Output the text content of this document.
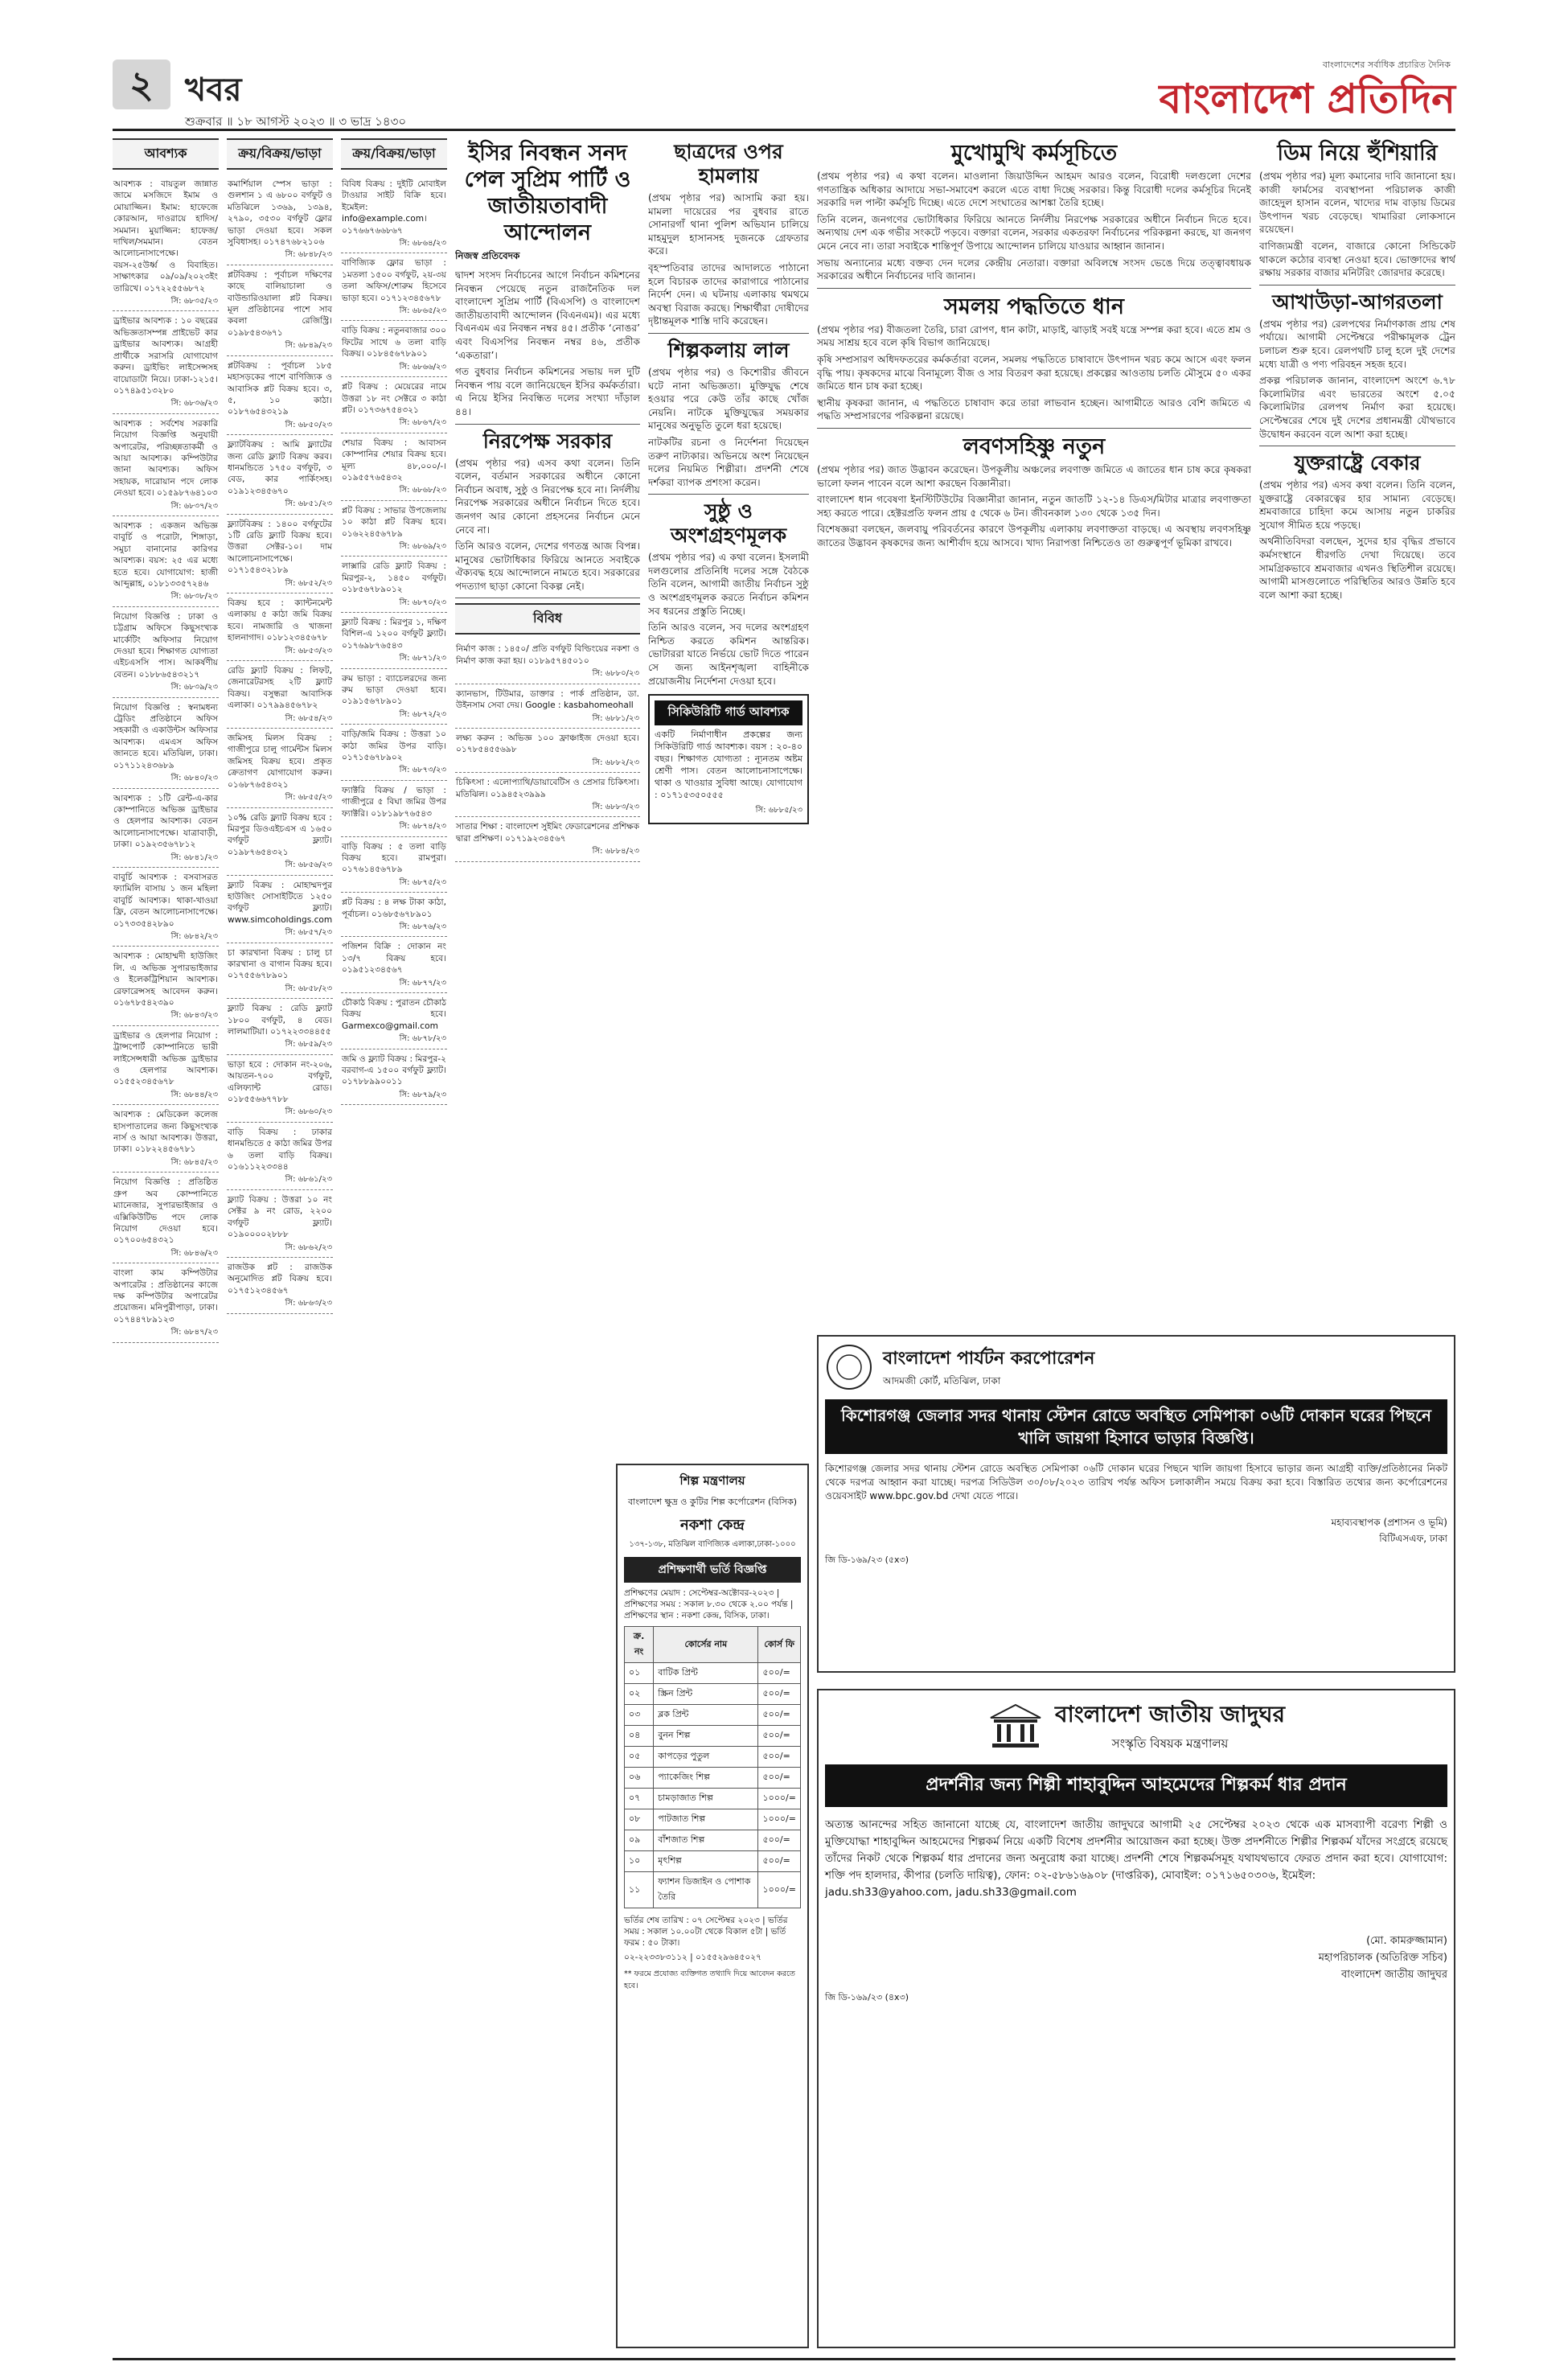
২ খবর
শুক্রবার ॥ ১৮ আগস্ট ২০২৩ ॥ ৩ ভাদ্র ১৪৩০
বাংলাদেশের সর্বাধিক প্রচারিত দৈনিক
বাংলাদেশ প্রতিদিন
আবশ্যক
আবশ্যক : বায়তুল জান্নাত জামে মসজিদে ইমাম ও মোয়াজ্জিন। ইমাম: হাফেজে কোরআন, দাওরায়ে হাদিস/সমমান। মুয়াজ্জিন: হাফেজ/দাখিল/সমমান। বেতন আলোচনাসাপেক্ষে। বয়স-২৫উর্ধ্ব ও বিবাহিত। সাক্ষাৎকার ০৯/০৯/২০২৩ইং তারিখে। ০১৭২২৫৫৬৮৭২
সি: ৬৮৩৫/২৩
ড্রাইভার আবশ্যক : ১০ বছরের অভিজ্ঞতাসম্পন্ন প্রাইভেট কার ড্রাইভার আবশ্যক। আগ্রহী প্রার্থীকে সরাসরি যোগাযোগ করুন। ড্রাইভিং লাইসেন্সসহ বায়োডাটা নিয়ে। ঢাকা-১২১৫। ০১৭৪৯৫১৩২৮০
সি: ৬৮৩৬/২৩
আবশ্যক : সর্বশেষ সরকারি নিয়োগ বিজ্ঞপ্তি অনুযায়ী অপারেটর, পরিচ্ছন্নতাকর্মী ও আয়া আবশ্যক। কম্পিউটার জানা আবশ্যক। অফিস সহায়ক, দারোয়ান পদে লোক নেওয়া হবে। ০১৫৯৮৭৬৪১০৩
সি: ৬৮৩৭/২৩
আবশ্যক : একজন অভিজ্ঞ বাবুর্চি ও পরোটা, শিঙ্গাড়া, সমুচা বানানোর কারিগর আবশ্যক। বয়স: ২৫ এর মধ্যে হতে হবে। যোগাযোগ: হাজী আব্দুল্লাহ, ০১৮১৩৩৫৭২৪৬
সি: ৬৮৩৮/২৩
নিয়োগ বিজ্ঞপ্তি : ঢাকা ও চট্টগ্রাম অফিসে কিছুসংখ্যক মার্কেটিং অফিসার নিয়োগ দেওয়া হবে। শিক্ষাগত যোগ্যতা এইচএসসি পাস। আকর্ষণীয় বেতন। ০১৮৮৬৫৪৩২১৭
সি: ৬৮৩৯/২৩
নিয়োগ বিজ্ঞপ্তি : স্বনামধন্য ট্রেডিং প্রতিষ্ঠানে অফিস সহকারী ও একাউন্টস অফিসার আবশ্যক। এমএস অফিস জানতে হবে। মতিঝিল, ঢাকা। ০১৭১১২৪৩৬৮৯
সি: ৬৮৪০/২৩
আবশ্যক : ১টি রেন্ট-এ-কার কোম্পানিতে অভিজ্ঞ ড্রাইভার ও হেলপার আবশ্যক। বেতন আলোচনাসাপেক্ষে। যাত্রাবাড়ী, ঢাকা। ০১৯২৩৫৬৭৮১২
সি: ৬৮৪১/২৩
বাবুর্চি আবশ্যক : বসবাসরত ফ্যামিলি বাসায় ১ জন মহিলা বাবুর্চি আবশ্যক। থাকা-খাওয়া ফ্রি, বেতন আলোচনাসাপেক্ষে। ০১৭৩৩৫৪২৮৯০
সি: ৬৮৪২/২৩
আবশ্যক : মোহাম্মদী হাউজিং লি. এ অভিজ্ঞ সুপারভাইজার ও ইলেকট্রিশিয়ান আবশ্যক। রেফারেন্সসহ আবেদন করুন। ০১৬৭৮৫৪২৩৯০
সি: ৬৮৪৩/২৩
ড্রাইভার ও হেলপার নিয়োগ : ট্রান্সপোর্ট কোম্পানিতে ভারী লাইসেন্সধারী অভিজ্ঞ ড্রাইভার ও হেলপার আবশ্যক। ০১৫৫২৩৪৫৬৭৮
সি: ৬৮৪৪/২৩
আবশ্যক : মেডিকেল কলেজ হাসপাতালের জন্য কিছুসংখ্যক নার্স ও আয়া আবশ্যক। উত্তরা, ঢাকা। ০১৮২২৪৫৬৭৮১
সি: ৬৮৪৫/২৩
নিয়োগ বিজ্ঞপ্তি : প্রতিষ্ঠিত গ্রুপ অব কোম্পানিতে ম্যানেজার, সুপারভাইজার ও এক্সিকিউটিভ পদে লোক নিয়োগ দেওয়া হবে। ০১৭০০৬৫৪৩২১
সি: ৬৮৪৬/২৩
বাংলা কাম কম্পিউটার অপারেটর : প্রতিষ্ঠানের কাজে দক্ষ কম্পিউটার অপারেটর প্রয়োজন। মনিপুরীপাড়া, ঢাকা। ০১৭৪৪৭৮৯১২৩
সি: ৬৮৪৭/২৩
ক্রয়/বিক্রয়/ভাড়া
কমার্শিয়াল স্পেস ভাড়া : গুলশান ১ এ ৬৮০০ বর্গফুট ও মতিঝিলে ১৩৬৯, ১৩৯৪, ২৭৯০, ৩৫৩০ বর্গফুট ফ্লোর ভাড়া দেওয়া হবে। সকল সুবিধাসহ। ০১৭৪৭৬৮২১০৬
সি: ৬৮৪৮/২৩
প্লটবিক্রয় : পূর্বাচল দক্ষিণের কাছে বালিয়াচালা ও বাউন্ডারিওয়ালা প্লট বিক্রয়। মূল প্রতিষ্ঠানের পাশে সাব কবলা রেজিস্ট্রি। ০১৯৮৫৪৩৬৭১
সি: ৬৮৪৯/২৩
প্লটবিক্রয় : পূর্বাচল ১৮৫ মহাসড়কের পাশে বাণিজ্যিক ও আবাসিক প্লট বিক্রয় হবে। ৩, ৫, ১০ কাঠা। ০১৮৭৬৫৪৩২১৯
সি: ৬৮৫০/২৩
ফ্ল্যাটবিক্রয় : আমি ফ্ল্যাটের জন্য রেডি ফ্ল্যাট বিক্রয় করব। ধানমন্ডিতে ১৭৫০ বর্গফুট, ৩ বেড, কার পার্কিংসহ। ০১৯১২৩৪৫৬৭০
সি: ৬৮৫১/২৩
ফ্ল্যাটবিক্রয় : ১৪০০ বর্গফুটের ১টি রেডি ফ্ল্যাট বিক্রয় হবে। উত্তরা সেক্টর-১০। দাম আলোচনাসাপেক্ষে। ০১৭১৫৪৩২১৮৯
সি: ৬৮৫২/২৩
বিক্রয় হবে : ক্যান্টনমেন্ট এলাকায় ৫ কাঠা জমি বিক্রয় হবে। নামজারি ও খাজনা হালনাগাদ। ০১৮১২৩৪৫৬৭৮
সি: ৬৮৫৩/২৩
রেডি ফ্ল্যাট বিক্রয় : লিফট, জেনারেটরসহ ২টি ফ্ল্যাট বিক্রয়। বসুন্ধরা আবাসিক এলাকা। ০১৭৯৯৪৫৬৭৮২
সি: ৬৮৫৪/২৩
জমিসহ মিলস বিক্রয় : গাজীপুরে চালু গার্মেন্টস মিলস জমিসহ বিক্রয় হবে। প্রকৃত ক্রেতাগণ যোগাযোগ করুন। ০১৬৮৭৬৫৪৩২১
সি: ৬৮৫৫/২৩
১০% রেডি ফ্ল্যাট বিক্রয় হবে : মিরপুর ডিওএইচএস এ ১৬৫০ বর্গফুট ফ্ল্যাট। ০১৯৮৭৬৫৪৩২১
সি: ৬৮৫৬/২৩
ফ্ল্যাট বিক্রয় : মোহাম্মদপুর হাউজিং সোসাইটিতে ১২৫০ বর্গফুট ফ্ল্যাট। www.simcoholdings.com
সি: ৬৮৫৭/২৩
চা কারখানা বিক্রয় : চালু চা কারখানা ও বাগান বিক্রয় হবে। ০১৭৫৫৬৭৮৯০১
সি: ৬৮৫৮/২৩
ফ্ল্যাট বিক্রয় : রেডি ফ্ল্যাট ১৮০০ বর্গফুট, ৪ বেড। লালমাটিয়া। ০১৭২২৩৩৪৪৫৫
সি: ৬৮৫৯/২৩
ভাড়া হবে : দোকান নং-২০৬, আয়তন-৭০০ বর্গফুট, এলিফ্যান্ট রোড। ০১৮৫৫৬৬৭৭৮৮
সি: ৬৮৬০/২৩
বাড়ি বিক্রয় : ঢাকার ধানমন্ডিতে ৫ কাঠা জমির উপর ৬ তলা বাড়ি বিক্রয়। ০১৬১১২২৩৩৪৪
সি: ৬৮৬১/২৩
ফ্ল্যাট বিক্রয় : উত্তরা ১০ নং সেক্টর ৯ নং রোড, ২২০০ বর্গফুট ফ্ল্যাট। ০১৯০০০০২৮৮৮
সি: ৬৮৬২/২৩
রাজউক প্লট : রাজউক অনুমোদিত প্লট বিক্রয় হবে। ০১৭৫১২৩৪৫৬৭
সি: ৬৮৬৩/২৩
ক্রয়/বিক্রয়/ভাড়া
বিবিধ বিক্রয় : দুইটি মোবাইল টাওয়ার সাইট বিক্রি হবে। ইমেইল: info@example.com। ০১৭৬৬৭৬৬৮৬৭
সি: ৬৮৬৪/২৩
বাণিজ্যিক ফ্লোর ভাড়া : ১মতলা ১৫০০ বর্গফুট, ২য়-৩য় তলা অফিস/শোরুম হিসেবে ভাড়া হবে। ০১৭১২৩৪৫৬৭৮
সি: ৬৮৬৫/২৩
বাড়ি বিক্রয় : নতুনবাজার ৩০০ ফিটের সাথে ৬ তলা বাড়ি বিক্রয়। ০১৮৪৫৬৭৮৯০১
সি: ৬৮৬৬/২৩
প্লট বিক্রয় : মেয়েরের নামে উত্তরা ১৮ নং সেক্টরে ৩ কাঠা প্লট। ০১৭৩৬৭৫৪৩২১
সি: ৬৮৬৭/২৩
শেয়ার বিক্রয় : আবাসন কোম্পানির শেয়ার বিক্রয় হবে। মূল্য ৪৮,০০০/-। ০১৯৫৫৭৬৫৪৩২
সি: ৬৮৬৮/২৩
প্লট বিক্রয় : সাভার উপজেলায় ১০ কাঠা প্লট বিক্রয় হবে। ০১৬২২৪৫৬৭৮৯
সি: ৬৮৬৯/২৩
লাক্সারি রেডি ফ্ল্যাট বিক্রয় : মিরপুর-২, ১৪৫০ বর্গফুট। ০১৮৫৬৭৮৯০১২
সি: ৬৮৭০/২৩
ফ্ল্যাট বিক্রয় : মিরপুর ১, দক্ষিণ বিশিল-এ ১২০০ বর্গফুট ফ্ল্যাট। ০১৭৬৯৮৭৬৫৪৩
সি: ৬৮৭১/২৩
রুম ভাড়া : ব্যাচেলরদের জন্য রুম ভাড়া দেওয়া হবে। ০১৯১৫৬৭৮৯০১
সি: ৬৮৭২/২৩
বাড়ি/জমি বিক্রয় : উত্তরা ১০ কাঠা জমির উপর বাড়ি। ০১৭১৫৬৭৮৯০২
সি: ৬৮৭৩/২৩
ফ্যাক্টরি বিক্রয় / ভাড়া : গাজীপুরে ৫ বিঘা জমির উপর ফ্যাক্টরি। ০১৮১৯৮৭৬৫৪৩
সি: ৬৮৭৪/২৩
বাড়ি বিক্রয় : ৫ তলা বাড়ি বিক্রয় হবে। রামপুরা। ০১৭৬১৪৫৬৭৮৯
সি: ৬৮৭৫/২৩
প্লট বিক্রয় : ৪ লক্ষ টাকা কাঠা, পূর্বাচল। ০১৬৮৫৬৭৮৯০১
সি: ৬৮৭৬/২৩
পজিশন বিক্রি : দোকান নং ১৩/৭ বিক্রয় হবে। ০১৯৫১২৩৪৫৬৭
সি: ৬৮৭৭/২৩
চৌকাঠ বিক্রয় : পুরাতন চৌকাঠ বিক্রয় হবে। Garmexco@gmail.com
সি: ৬৮৭৮/২৩
জমি ও ফ্ল্যাট বিক্রয় : মিরপুর-২ বরবাগ-এ ১৫০০ বর্গফুট ফ্ল্যাট। ০১৭৮৮৯৯০০১১
সি: ৬৮৭৯/২৩
ইসির নিবন্ধন সনদ পেল সুপ্রিম পার্টি ও জাতীয়তাবাদী আন্দোলন
নিজস্ব প্রতিবেদক

দ্বাদশ সংসদ নির্বাচনের আগে নির্বাচন কমিশনের নিবন্ধন পেয়েছে নতুন রাজনৈতিক দল বাংলাদেশ সুপ্রিম পার্টি (বিএসপি) ও বাংলাদেশ জাতীয়তাবাদী আন্দোলন (বিএনএম)। এর মধ্যে বিএনএম এর নিবন্ধন নম্বর ৪৫। প্রতীক ‘নোঙর’ এবং বিএসপির নিবন্ধন নম্বর ৪৬, প্রতীক ‘একতারা’।

গত বুধবার নির্বাচন কমিশনের সভায় দল দুটি নিবন্ধন পায় বলে জানিয়েছেন ইসির কর্মকর্তারা। এ নিয়ে ইসির নিবন্ধিত দলের সংখ্যা দাঁড়াল ৪৪।

নিরপেক্ষ সরকার

(প্রথম পৃষ্ঠার পর) এসব কথা বলেন। তিনি বলেন, বর্তমান সরকারের অধীনে কোনো নির্বাচন অবাধ, সুষ্ঠু ও নিরপেক্ষ হবে না। নির্দলীয় নিরপেক্ষ সরকারের অধীনে নির্বাচন দিতে হবে। জনগণ আর কোনো প্রহসনের নির্বাচন মেনে নেবে না।

তিনি আরও বলেন, দেশের গণতন্ত্র আজ বিপন্ন। মানুষের ভোটাধিকার ফিরিয়ে আনতে সবাইকে ঐক্যবদ্ধ হয়ে আন্দোলনে নামতে হবে। সরকারের পদত্যাগ ছাড়া কোনো বিকল্প নেই।

বিবিধ
নির্মাণ কাজ : ১৪৫০/ প্রতি বর্গফুট বিল্ডিংয়ের নকশা ও নির্মাণ কাজ করা হয়। ০১৮৯৫৭৪৫০১০
সি: ৬৮৮০/২৩
ক্যানভাস, টিউমার, ডাক্তার : পার্ক প্রতিষ্ঠান, ডা. উইনসাম সেবা দেয়। Google : kasbahomeohall
সি: ৬৮৮১/২৩
লক্ষ্য করুন : অভিজ্ঞ ১০০ ফ্রাঞ্চাইজ দেওয়া হবে। ০১৭৮৫৪৫৫৬৯৮
সি: ৬৮৮২/২৩
চিকিৎসা : এলোপ্যাথি/ডায়াবেটিস ও প্রেসার চিকিৎসা। মতিঝিল। ০১৯৪৫২৩৯৯৯
সি: ৬৮৮৩/২৩
সাতার শিক্ষা : বাংলাদেশ সুইমিং ফেডারেশনের প্রশিক্ষক দ্বারা প্রশিক্ষণ। ০১৭১৯২৩৪৫৬৭
সি: ৬৮৮৪/২৩
ছাত্রদের ওপর হামলায়

(প্রথম পৃষ্ঠার পর) আসামি করা হয়। মামলা দায়েরের পর বুধবার রাতে সোনারগাঁ থানা পুলিশ অভিযান চালিয়ে মাহমুদুল হাসানসহ দুজনকে গ্রেফতার করে।

বৃহস্পতিবার তাদের আদালতে পাঠানো হলে বিচারক তাদের কারাগারে পাঠানোর নির্দেশ দেন। এ ঘটনায় এলাকায় থমথমে অবস্থা বিরাজ করছে। শিক্ষার্থীরা দোষীদের দৃষ্টান্তমূলক শাস্তি দাবি করেছেন।

শিল্পকলায় লাল

(প্রথম পৃষ্ঠার পর) ও কিশোরীর জীবনে ঘটে নানা অভিজ্ঞতা। মুক্তিযুদ্ধ শেষে হওয়ার পরে কেউ তাঁর কাছে খোঁজ নেয়নি। নাটকে মুক্তিযুদ্ধের সময়কার মানুষের অনুভূতি তুলে ধরা হয়েছে।

নাটকটির রচনা ও নির্দেশনা দিয়েছেন তরুণ নাট্যকার। অভিনয়ে অংশ নিয়েছেন দলের নিয়মিত শিল্পীরা। প্রদর্শনী শেষে দর্শকরা ব্যাপক প্রশংসা করেন।

সুষ্ঠু ও অংশগ্রহণমূলক

(প্রথম পৃষ্ঠার পর) এ কথা বলেন। ইসলামী দলগুলোর প্রতিনিধি দলের সঙ্গে বৈঠকে তিনি বলেন, আগামী জাতীয় নির্বাচন সুষ্ঠু ও অংশগ্রহণমূলক করতে নির্বাচন কমিশন সব ধরনের প্রস্তুতি নিচ্ছে।

তিনি আরও বলেন, সব দলের অংশগ্রহণ নিশ্চিত করতে কমিশন আন্তরিক। ভোটাররা যাতে নির্ভয়ে ভোট দিতে পারেন সে জন্য আইনশৃঙ্খলা বাহিনীকে প্রয়োজনীয় নির্দেশনা দেওয়া হবে।

সিকিউরিটি গার্ড আবশ্যক

একটি নির্মাণাধীন প্রকল্পের জন্য সিকিউরিটি গার্ড আবশ্যক। বয়স : ২০-৪০ বছর। শিক্ষাগত যোগ্যতা : ন্যূনতম অষ্টম শ্রেণী পাস। বেতন আলোচনাসাপেক্ষে। থাকা ও খাওয়ার সুবিধা আছে। যোগাযোগ : ০১৭১৫৩৫০৫৫৫

সি: ৬৮৮৫/২৩
মুখোমুখি কর্মসূচিতে

(প্রথম পৃষ্ঠার পর) এ কথা বলেন। মাওলানা জিয়াউদ্দিন আহমদ আরও বলেন, বিরোধী দলগুলো দেশের গণতান্ত্রিক অধিকার আদায়ে সভা-সমাবেশ করলে এতে বাধা দিচ্ছে সরকার। কিন্তু বিরোধী দলের কর্মসূচির দিনেই সরকারি দল পাল্টা কর্মসূচি দিচ্ছে। এতে দেশে সংঘাতের আশঙ্কা তৈরি হচ্ছে।

তিনি বলেন, জনগণের ভোটাধিকার ফিরিয়ে আনতে নির্দলীয় নিরপেক্ষ সরকারের অধীনে নির্বাচন দিতে হবে। অন্যথায় দেশ এক গভীর সংকটে পড়বে। বক্তারা বলেন, সরকার একতরফা নির্বাচনের পরিকল্পনা করছে, যা জনগণ মেনে নেবে না। তারা সবাইকে শান্তিপূর্ণ উপায়ে আন্দোলন চালিয়ে যাওয়ার আহ্বান জানান।

সভায় অন্যান্যের মধ্যে বক্তব্য দেন দলের কেন্দ্রীয় নেতারা। বক্তারা অবিলম্বে সংসদ ভেঙে দিয়ে তত্ত্বাবধায়ক সরকারের অধীনে নির্বাচনের দাবি জানান।

সমলয় পদ্ধতিতে ধান

(প্রথম পৃষ্ঠার পর) বীজতলা তৈরি, চারা রোপণ, ধান কাটা, মাড়াই, ঝাড়াই সবই যন্ত্রে সম্পন্ন করা হবে। এতে শ্রম ও সময় সাশ্রয় হবে বলে কৃষি বিভাগ জানিয়েছে।

কৃষি সম্প্রসারণ অধিদফতরের কর্মকর্তারা বলেন, সমলয় পদ্ধতিতে চাষাবাদে উৎপাদন খরচ কমে আসে এবং ফলন বৃদ্ধি পায়। কৃষকদের মাঝে বিনামূল্যে বীজ ও সার বিতরণ করা হয়েছে। প্রকল্পের আওতায় চলতি মৌসুমে ৫০ একর জমিতে ধান চাষ করা হচ্ছে।

স্থানীয় কৃষকরা জানান, এ পদ্ধতিতে চাষাবাদ করে তারা লাভবান হচ্ছেন। আগামীতে আরও বেশি জমিতে এ পদ্ধতি সম্প্রসারণের পরিকল্পনা রয়েছে।

লবণসহিষ্ণু নতুন

(প্রথম পৃষ্ঠার পর) জাত উদ্ভাবন করেছেন। উপকূলীয় অঞ্চলের লবণাক্ত জমিতে এ জাতের ধান চাষ করে কৃষকরা ভালো ফলন পাবেন বলে আশা করছেন বিজ্ঞানীরা।

বাংলাদেশ ধান গবেষণা ইনস্টিটিউটের বিজ্ঞানীরা জানান, নতুন জাতটি ১২-১৪ ডিএস/মিটার মাত্রার লবণাক্ততা সহ্য করতে পারে। হেক্টরপ্রতি ফলন প্রায় ৫ থেকে ৬ টন। জীবনকাল ১৩০ থেকে ১৩৫ দিন।

বিশেষজ্ঞরা বলছেন, জলবায়ু পরিবর্তনের কারণে উপকূলীয় এলাকায় লবণাক্ততা বাড়ছে। এ অবস্থায় লবণসহিষ্ণু জাতের উদ্ভাবন কৃষকদের জন্য আশীর্বাদ হয়ে আসবে। খাদ্য নিরাপত্তা নিশ্চিতেও তা গুরুত্বপূর্ণ ভূমিকা রাখবে।

ডিম নিয়ে হুঁশিয়ারি

(প্রথম পৃষ্ঠার পর) মূল্য কমানোর দাবি জানানো হয়। কাজী ফার্মসের ব্যবস্থাপনা পরিচালক কাজী জাহেদুল হাসান বলেন, খাদ্যের দাম বাড়ায় ডিমের উৎপাদন খরচ বেড়েছে। খামারিরা লোকসানে রয়েছেন।

বাণিজ্যমন্ত্রী বলেন, বাজারে কোনো সিন্ডিকেট থাকলে কঠোর ব্যবস্থা নেওয়া হবে। ভোক্তাদের স্বার্থ রক্ষায় সরকার বাজার মনিটরিং জোরদার করেছে।

আখাউড়া-আগরতলা

(প্রথম পৃষ্ঠার পর) রেলপথের নির্মাণকাজ প্রায় শেষ পর্যায়ে। আগামী সেপ্টেম্বরে পরীক্ষামূলক ট্রেন চলাচল শুরু হবে। রেলপথটি চালু হলে দুই দেশের মধ্যে যাত্রী ও পণ্য পরিবহন সহজ হবে।

প্রকল্প পরিচালক জানান, বাংলাদেশ অংশে ৬.৭৮ কিলোমিটার এবং ভারতের অংশে ৫.০৫ কিলোমিটার রেলপথ নির্মাণ করা হয়েছে। সেপ্টেম্বরের শেষে দুই দেশের প্রধানমন্ত্রী যৌথভাবে উদ্বোধন করবেন বলে আশা করা হচ্ছে।

যুক্তরাষ্ট্রে বেকার

(প্রথম পৃষ্ঠার পর) এসব কথা বলেন। তিনি বলেন, যুক্তরাষ্ট্রে বেকারত্বের হার সামান্য বেড়েছে। শ্রমবাজারে চাহিদা কমে আসায় নতুন চাকরির সুযোগ সীমিত হয়ে পড়ছে।

অর্থনীতিবিদরা বলছেন, সুদের হার বৃদ্ধির প্রভাবে কর্মসংস্থানে ধীরগতি দেখা দিয়েছে। তবে সামগ্রিকভাবে শ্রমবাজার এখনও স্থিতিশীল রয়েছে। আগামী মাসগুলোতে পরিস্থিতির আরও উন্নতি হবে বলে আশা করা হচ্ছে।

শিল্প মন্ত্রণালয়
বাংলাদেশ ক্ষুদ্র ও কুটির শিল্প কর্পোরেশন (বিসিক)
নকশা কেন্দ্র
১৩৭-১৩৮, মতিঝিল বাণিজ্যিক এলাকা,ঢাকা-১০০০
প্রশিক্ষণার্থী ভর্তি বিজ্ঞপ্তি
প্রশিক্ষণের মেয়াদ : সেপ্টেম্বর-অক্টোবর-২০২৩ | প্রশিক্ষণের সময় : সকাল ৮.৩০ থেকে ২.০০ পর্যন্ত | প্রশিক্ষণের স্থান : নকশা কেন্দ্র, বিসিক, ঢাকা।
ক্র. নং	কোর্সের নাম	কোর্স ফি
০১	বাটিক প্রিন্ট	৫০০/=
০২	স্ক্রিন প্রিন্ট	৫০০/=
০৩	ব্লক প্রিন্ট	৫০০/=
০৪	বুনন শিল্প	৫০০/=
০৫	কাপড়ের পুতুল	৫০০/=
০৬	প্যাকেজিং শিল্প	৫০০/=
০৭	চামড়াজাত শিল্প	১০০০/=
০৮	পাটজাত শিল্প	১০০০/=
০৯	বাঁশজাত শিল্প	৫০০/=
১০	মৃৎশিল্প	৫০০/=
১১	ফ্যাশন ডিজাইন ও পোশাক তৈরি	১০০০/=
ভর্তির শেষ তারিখ : ০৭ সেপ্টেম্বর ২০২৩ | ভর্তির সময় : সকাল ১০.০০টা থেকে বিকাল ৫টা | ভর্তি ফরম : ৫০ টাকা।
০২-২২৩৩৮৩১১২ | ০১৫৫২৯৬৪৫০২৭
** ফরমে প্রযোজ্য ব্যক্তিগত তথ্যাদি দিয়ে আবেদন করতে হবে।
বাংলাদেশ পার্যটন করপোরেশন
আদমজী কোর্ট, মতিঝিল, ঢাকা
কিশোরগঞ্জ জেলার সদর থানায় স্টেশন রোডে অবস্থিত সেমিপাকা ০৬টি দোকান ঘরের পিছনে খালি জায়গা হিসাবে ভাড়ার বিজ্ঞপ্তি।

কিশোরগঞ্জ জেলার সদর থানায় স্টেশন রোডে অবস্থিত সেমিপাকা ০৬টি দোকান ঘরের পিছনে খালি জায়গা হিসাবে ভাড়ার জন্য আগ্রহী ব্যক্তি/প্রতিষ্ঠানের নিকট থেকে দরপত্র আহ্বান করা যাচ্ছে। দরপত্র সিডিউল ৩০/০৮/২০২৩ তারিখ পর্যন্ত অফিস চলাকালীন সময়ে বিক্রয় করা হবে। বিস্তারিত তথ্যের জন্য কর্পোরেশনের ওয়েবসাইট www.bpc.gov.bd দেখা যেতে পারে।

মহাব্যবস্থাপক (প্রশাসন ও ভূমি)
বিটিএসএফ, ঢাকা
জি ডি-১৬৯/২৩ (৫x৩)
বাংলাদেশ জাতীয় জাদুঘর
সংস্কৃতি বিষয়ক মন্ত্রণালয়
প্রদর্শনীর জন্য শিল্পী শাহাবুদ্দিন আহমেদের শিল্পকর্ম ধার প্রদান

অত্যন্ত আনন্দের সহিত জানানো যাচ্ছে যে, বাংলাদেশ জাতীয় জাদুঘরে আগামী ২৫ সেপ্টেম্বর ২০২৩ থেকে এক মাসব্যাপী বরেণ্য শিল্পী ও মুক্তিযোদ্ধা শাহাবুদ্দিন আহমেদের শিল্পকর্ম নিয়ে একটি বিশেষ প্রদর্শনীর আয়োজন করা হচ্ছে। উক্ত প্রদর্শনীতে শিল্পীর শিল্পকর্ম যাঁদের সংগ্রহে রয়েছে তাঁদের নিকট থেকে শিল্পকর্ম ধার প্রদানের জন্য অনুরোধ করা যাচ্ছে। প্রদর্শনী শেষে শিল্পকর্মসমূহ যথাযথভাবে ফেরত প্রদান করা হবে। যোগাযোগ: শক্তি পদ হালদার, কীপার (চলতি দায়িত্ব), ফোন: ০২-৫৮৬১৬৯০৮ (দাপ্তরিক), মোবাইল: ০১৭১৬৫০৩০৬, ইমেইল:

jadu.sh33@yahoo.com, jadu.sh33@gmail.com

(মো. কামরুজ্জামান)
মহাপরিচালক (অতিরিক্ত সচিব)
বাংলাদেশ জাতীয় জাদুঘর
জি ডি-১৬৯/২৩ (৪x৩)
